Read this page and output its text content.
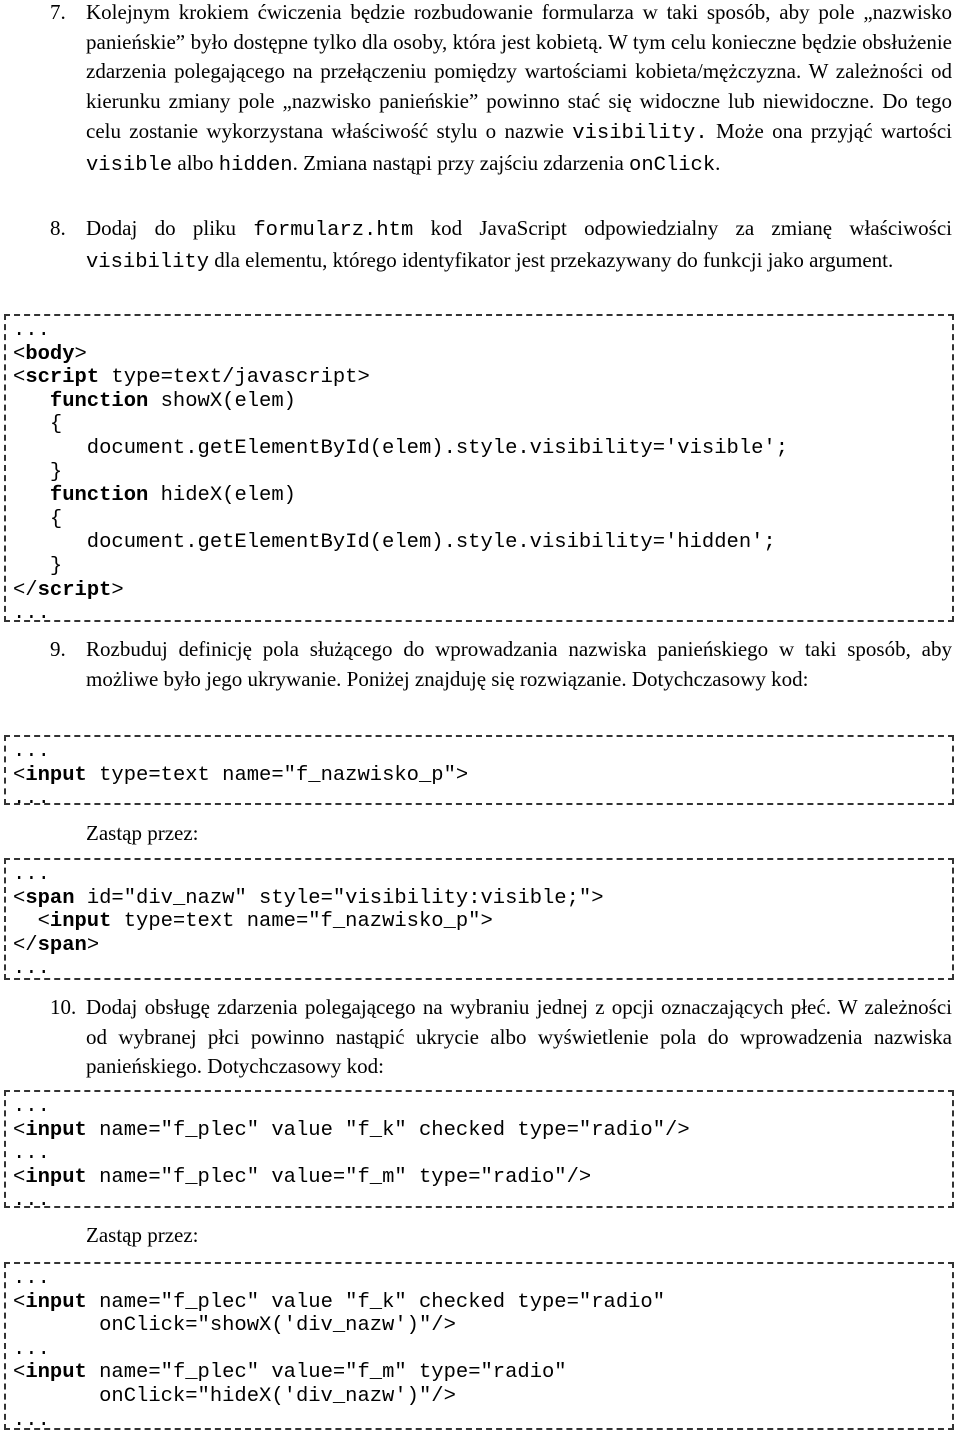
7. Kolejnym krokiem ćwiczenia będzie rozbudowanie formularza w taki sposób, aby pole „nazwisko panieńskie” było dostępne tylko dla osoby, która jest kobietą. W tym celu konieczne będzie obsłużenie zdarzenia polegającego na przełączeniu pomiędzy wartościami kobieta/mężczyzna. W zależności od kierunku zmiany pole „nazwisko panieńskie” powinno stać się widoczne lub niewidoczne. Do tego celu zostanie wykorzystana właściwość stylu o nazwie visibility. Może ona przyjąć wartości visible albo hidden. Zmiana nastąpi przy zajściu zdarzenia onClick.
8. Dodaj do pliku formularz.htm kod JavaScript odpowiedzialny za zmianę właściwości visibility dla elementu, którego identyfikator jest przekazywany do funkcji jako argument.
...
<body>
<script type=text/javascript>
function showX(elem)
{
document.getElementById(elem).style.visibility='visible';
}
function hideX(elem)
{
document.getElementById(elem).style.visibility='hidden';
}
</script>
...
9. Rozbuduj definicję pola służącego do wprowadzania nazwiska panieńskiego w taki sposób, aby możliwe było jego ukrywanie. Poniżej znajduję się rozwiązanie. Dotychczasowy kod:
...
<input type=text name="f_nazwisko_p">
...
Zastąp przez:
...
<span id="div_nazw" style="visibility:visible;">
<input type=text name="f_nazwisko_p">
</span>
...
10. Dodaj obsługę zdarzenia polegającego na wybraniu jednej z opcji oznaczających płeć. W zależności od wybranej płci powinno nastąpić ukrycie albo wyświetlenie pola do wprowadzenia nazwiska panieńskiego. Dotychczasowy kod:
...
<input name="f_plec" value "f_k" checked type="radio"/>
...
<input name="f_plec" value="f_m" type="radio"/>
...
Zastąp przez:
...
<input name="f_plec" value "f_k" checked type="radio"
onClick="showX('div_nazw')"/>
...
<input name="f_plec" value="f_m" type="radio"
onClick="hideX('div_nazw')"/>
...
